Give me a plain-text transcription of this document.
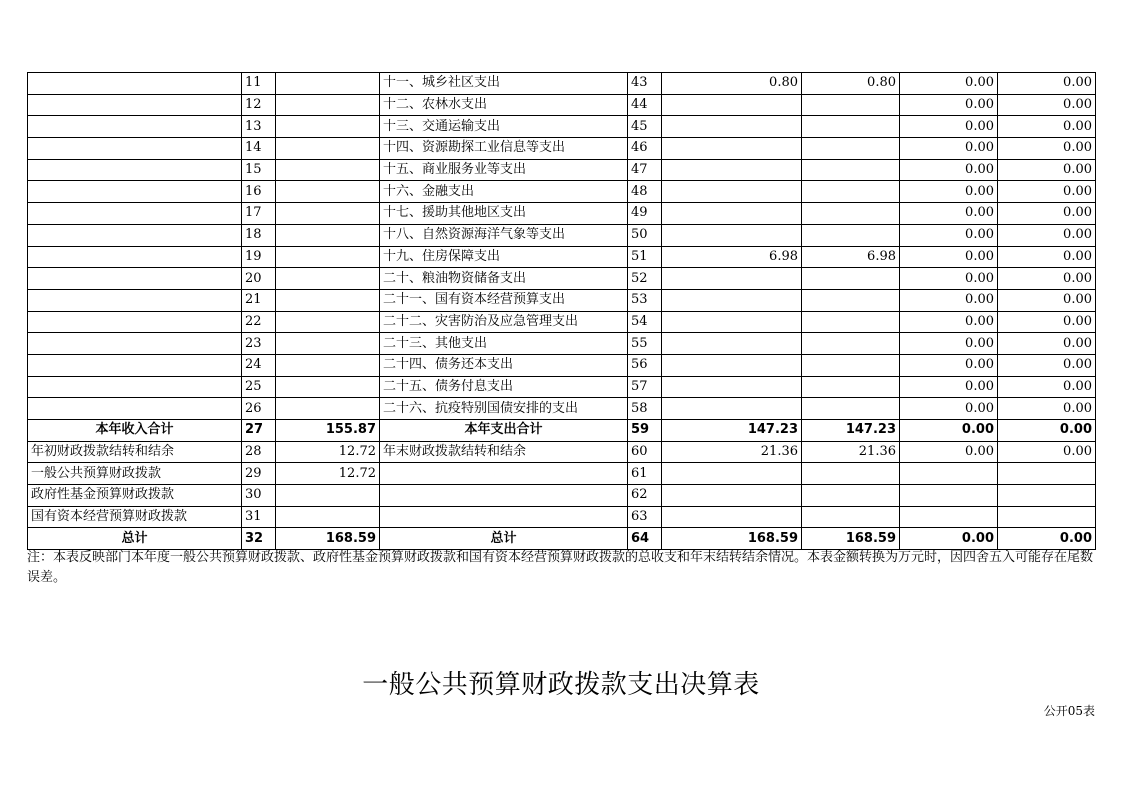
	11		十一、城乡社区支出	43	0.80	0.80	0.00	0.00
	12		十二、农林水支出	44			0.00	0.00
	13		十三、交通运输支出	45			0.00	0.00
	14		十四、资源勘探工业信息等支出	46			0.00	0.00
	15		十五、商业服务业等支出	47			0.00	0.00
	16		十六、金融支出	48			0.00	0.00
	17		十七、援助其他地区支出	49			0.00	0.00
	18		十八、自然资源海洋气象等支出	50			0.00	0.00
	19		十九、住房保障支出	51	6.98	6.98	0.00	0.00
	20		二十、粮油物资储备支出	52			0.00	0.00
	21		二十一、国有资本经营预算支出	53			0.00	0.00
	22		二十二、灾害防治及应急管理支出	54			0.00	0.00
	23		二十三、其他支出	55			0.00	0.00
	24		二十四、债务还本支出	56			0.00	0.00
	25		二十五、债务付息支出	57			0.00	0.00
	26		二十六、抗疫特别国债安排的支出	58			0.00	0.00
本年收入合计	27	155.87	本年支出合计	59	147.23	147.23	0.00	0.00
年初财政拨款结转和结余	28	12.72	年末财政拨款结转和结余	60	21.36	21.36	0.00	0.00
一般公共预算财政拨款	29	12.72		61				
政府性基金预算财政拨款	30			62				
国有资本经营预算财政拨款	31			63				
总计	32	168.59	总计	64	168.59	168.59	0.00	0.00
注：本表反映部门本年度一般公共预算财政拨款、政府性基金预算财政拨款和国有资本经营预算财政拨款的总收支和年末结转结余情况。本表金额转换为万元时，因四舍五入可能存在尾数误差。
一般公共预算财政拨款支出决算表
公开05表
